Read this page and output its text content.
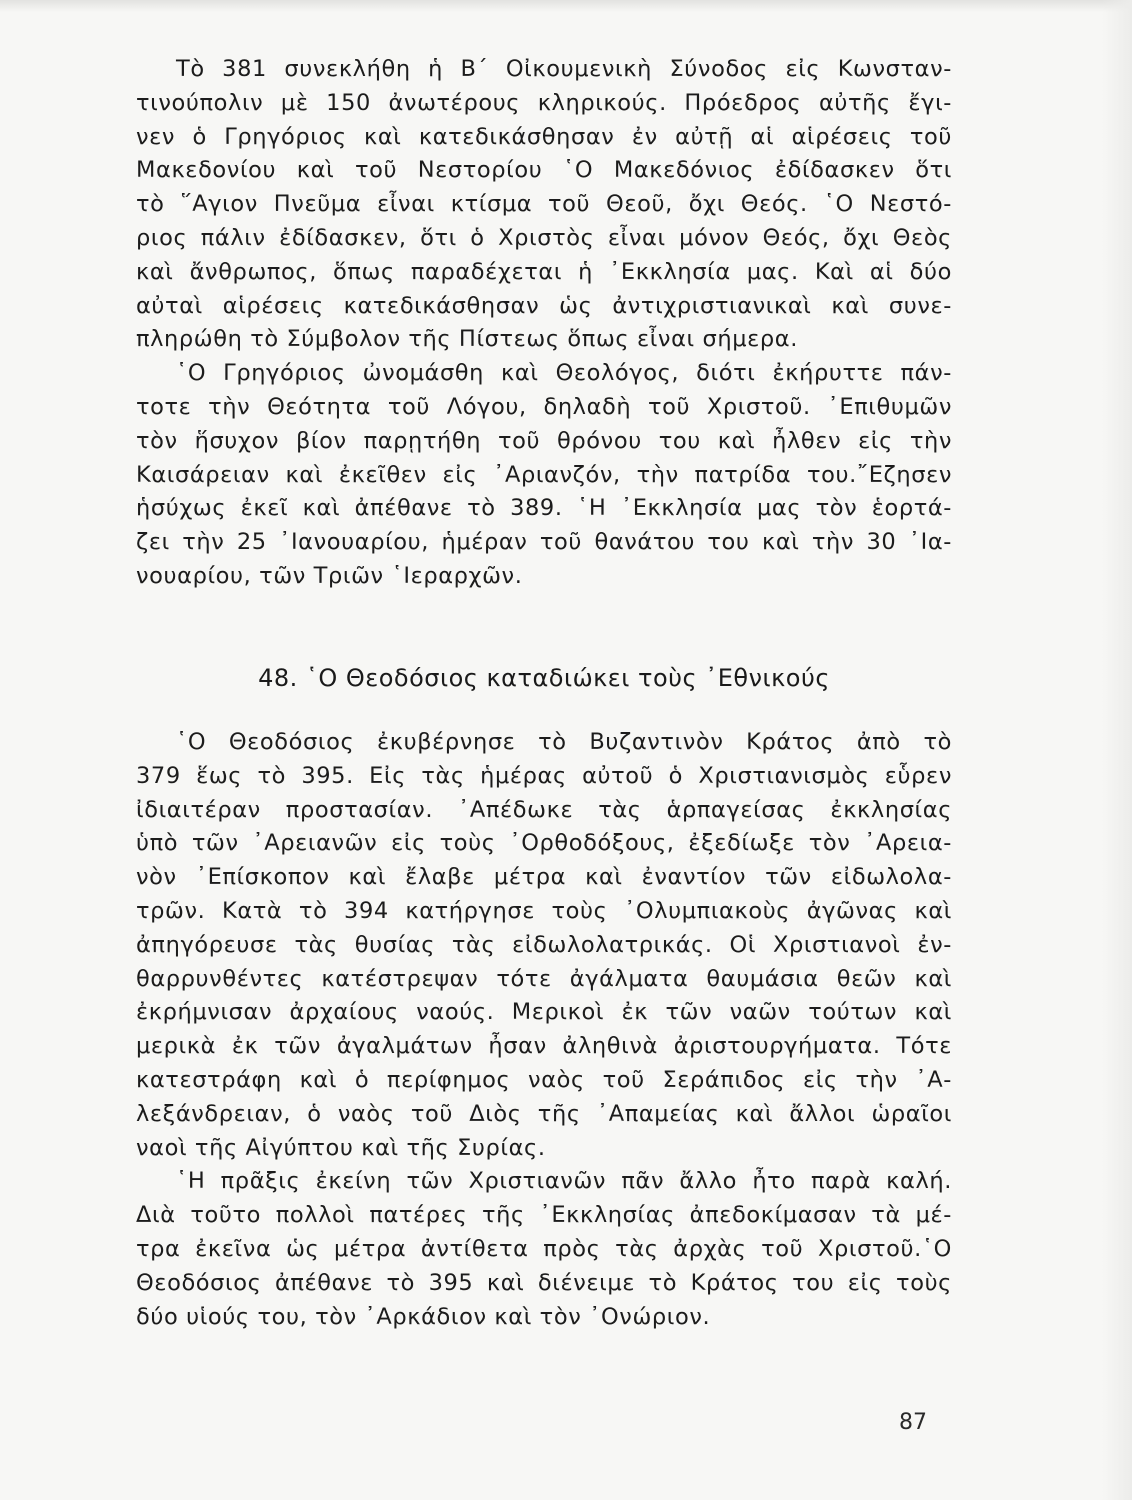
Τὸ 381 συνεκλήθη ἡ Β΄ Οἰκουμενικὴ Σύνοδος εἰς Κωνσταν-
τινούπολιν μὲ 150 ἀνωτέρους κληρικούς. Πρόεδρος αὐτῆς ἔγι-
νεν ὁ Γρηγόριος καὶ κατεδικάσθησαν ἐν αὐτῇ αἱ αἱρέσεις τοῦ
Μακεδονίου καὶ τοῦ Νεστορίου ῾Ο Μακεδόνιος ἐδίδασκεν ὅτι
τὸ ῞Αγιον Πνεῦμα εἶναι κτίσμα τοῦ Θεοῦ, ὄχι Θεός. ῾Ο Νεστό-
ριος πάλιν ἐδίδασκεν, ὅτι ὁ Χριστὸς εἶναι μόνον Θεός, ὄχι Θεὸς
καὶ ἄνθρωπος, ὅπως παραδέχεται ἡ ᾿Εκκλησία μας. Καὶ αἱ δύο
αὐταὶ αἱρέσεις κατεδικάσθησαν ὡς ἀντιχριστιανικαὶ καὶ συνε-
πληρώθη τὸ Σύμβολον τῆς Πίστεως ὅπως εἶναι σήμερα.
῾Ο Γρηγόριος ὠνομάσθη καὶ Θεολόγος, διότι ἐκήρυττε πάν-
τοτε τὴν Θεότητα τοῦ Λόγου, δηλαδὴ τοῦ Χριστοῦ. ᾿Επιθυμῶν
τὸν ἥσυχον βίον παρῃτήθη τοῦ θρόνου του καὶ ἦλθεν εἰς τὴν
Καισάρειαν καὶ ἐκεῖθεν εἰς ᾿Αριανζόν, τὴν πατρίδα του.῎Εζησεν
ἡσύχως ἐκεῖ καὶ ἀπέθανε τὸ 389. ῾Η ᾿Εκκλησία μας τὸν ἑορτά-
ζει τὴν 25 ᾿Ιανουαρίου, ἡμέραν τοῦ θανάτου του καὶ τὴν 30 ᾿Ια-
νουαρίου, τῶν Τριῶν ῾Ιεραρχῶν.
48. ῾Ο Θεοδόσιος καταδιώκει τοὺς ᾿Εθνικούς
῾Ο Θεοδόσιος ἐκυβέρνησε τὸ Βυζαντινὸν Κράτος ἀπὸ τὸ
379 ἕως τὸ 395. Εἰς τὰς ἡμέρας αὐτοῦ ὁ Χριστιανισμὸς εὗρεν
ἰδιαιτέραν προστασίαν. ᾿Απέδωκε τὰς ἁρπαγείσας ἐκκλησίας
ὑπὸ τῶν ᾿Αρειανῶν εἰς τοὺς ᾿Ορθοδόξους, ἐξεδίωξε τὸν ᾿Αρεια-
νὸν ᾿Επίσκοπον καὶ ἔλαβε μέτρα καὶ ἐναντίον τῶν εἰδωλολα-
τρῶν. Κατὰ τὸ 394 κατήργησε τοὺς ᾿Ολυμπιακοὺς ἀγῶνας καὶ
ἀπηγόρευσε τὰς θυσίας τὰς εἰδωλολατρικάς. Οἱ Χριστιανοὶ ἐν-
θαρρυνθέντες κατέστρεψαν τότε ἀγάλματα θαυμάσια θεῶν καὶ
ἐκρήμνισαν ἀρχαίους ναούς. Μερικοὶ ἐκ τῶν ναῶν τούτων καὶ
μερικὰ ἐκ τῶν ἀγαλμάτων ἦσαν ἀληθινὰ ἀριστουργήματα. Τότε
κατεστράφη καὶ ὁ περίφημος ναὸς τοῦ Σεράπιδος εἰς τὴν ᾿Α-
λεξάνδρειαν, ὁ ναὸς τοῦ Διὸς τῆς ᾿Απαμείας καὶ ἄλλοι ὡραῖοι
ναοὶ τῆς Αἰγύπτου καὶ τῆς Συρίας.
῾Η πρᾶξις ἐκείνη τῶν Χριστιανῶν πᾶν ἄλλο ἦτο παρὰ καλή.
Διὰ τοῦτο πολλοὶ πατέρες τῆς ᾿Εκκλησίας ἀπεδοκίμασαν τὰ μέ-
τρα ἐκεῖνα ὡς μέτρα ἀντίθετα πρὸς τὰς ἀρχὰς τοῦ Χριστοῦ.῾Ο
Θεοδόσιος ἀπέθανε τὸ 395 καὶ διένειμε τὸ Κράτος του εἰς τοὺς
δύο υἱούς του, τὸν ᾿Αρκάδιον καὶ τὸν ᾿Ονώριον.
87
